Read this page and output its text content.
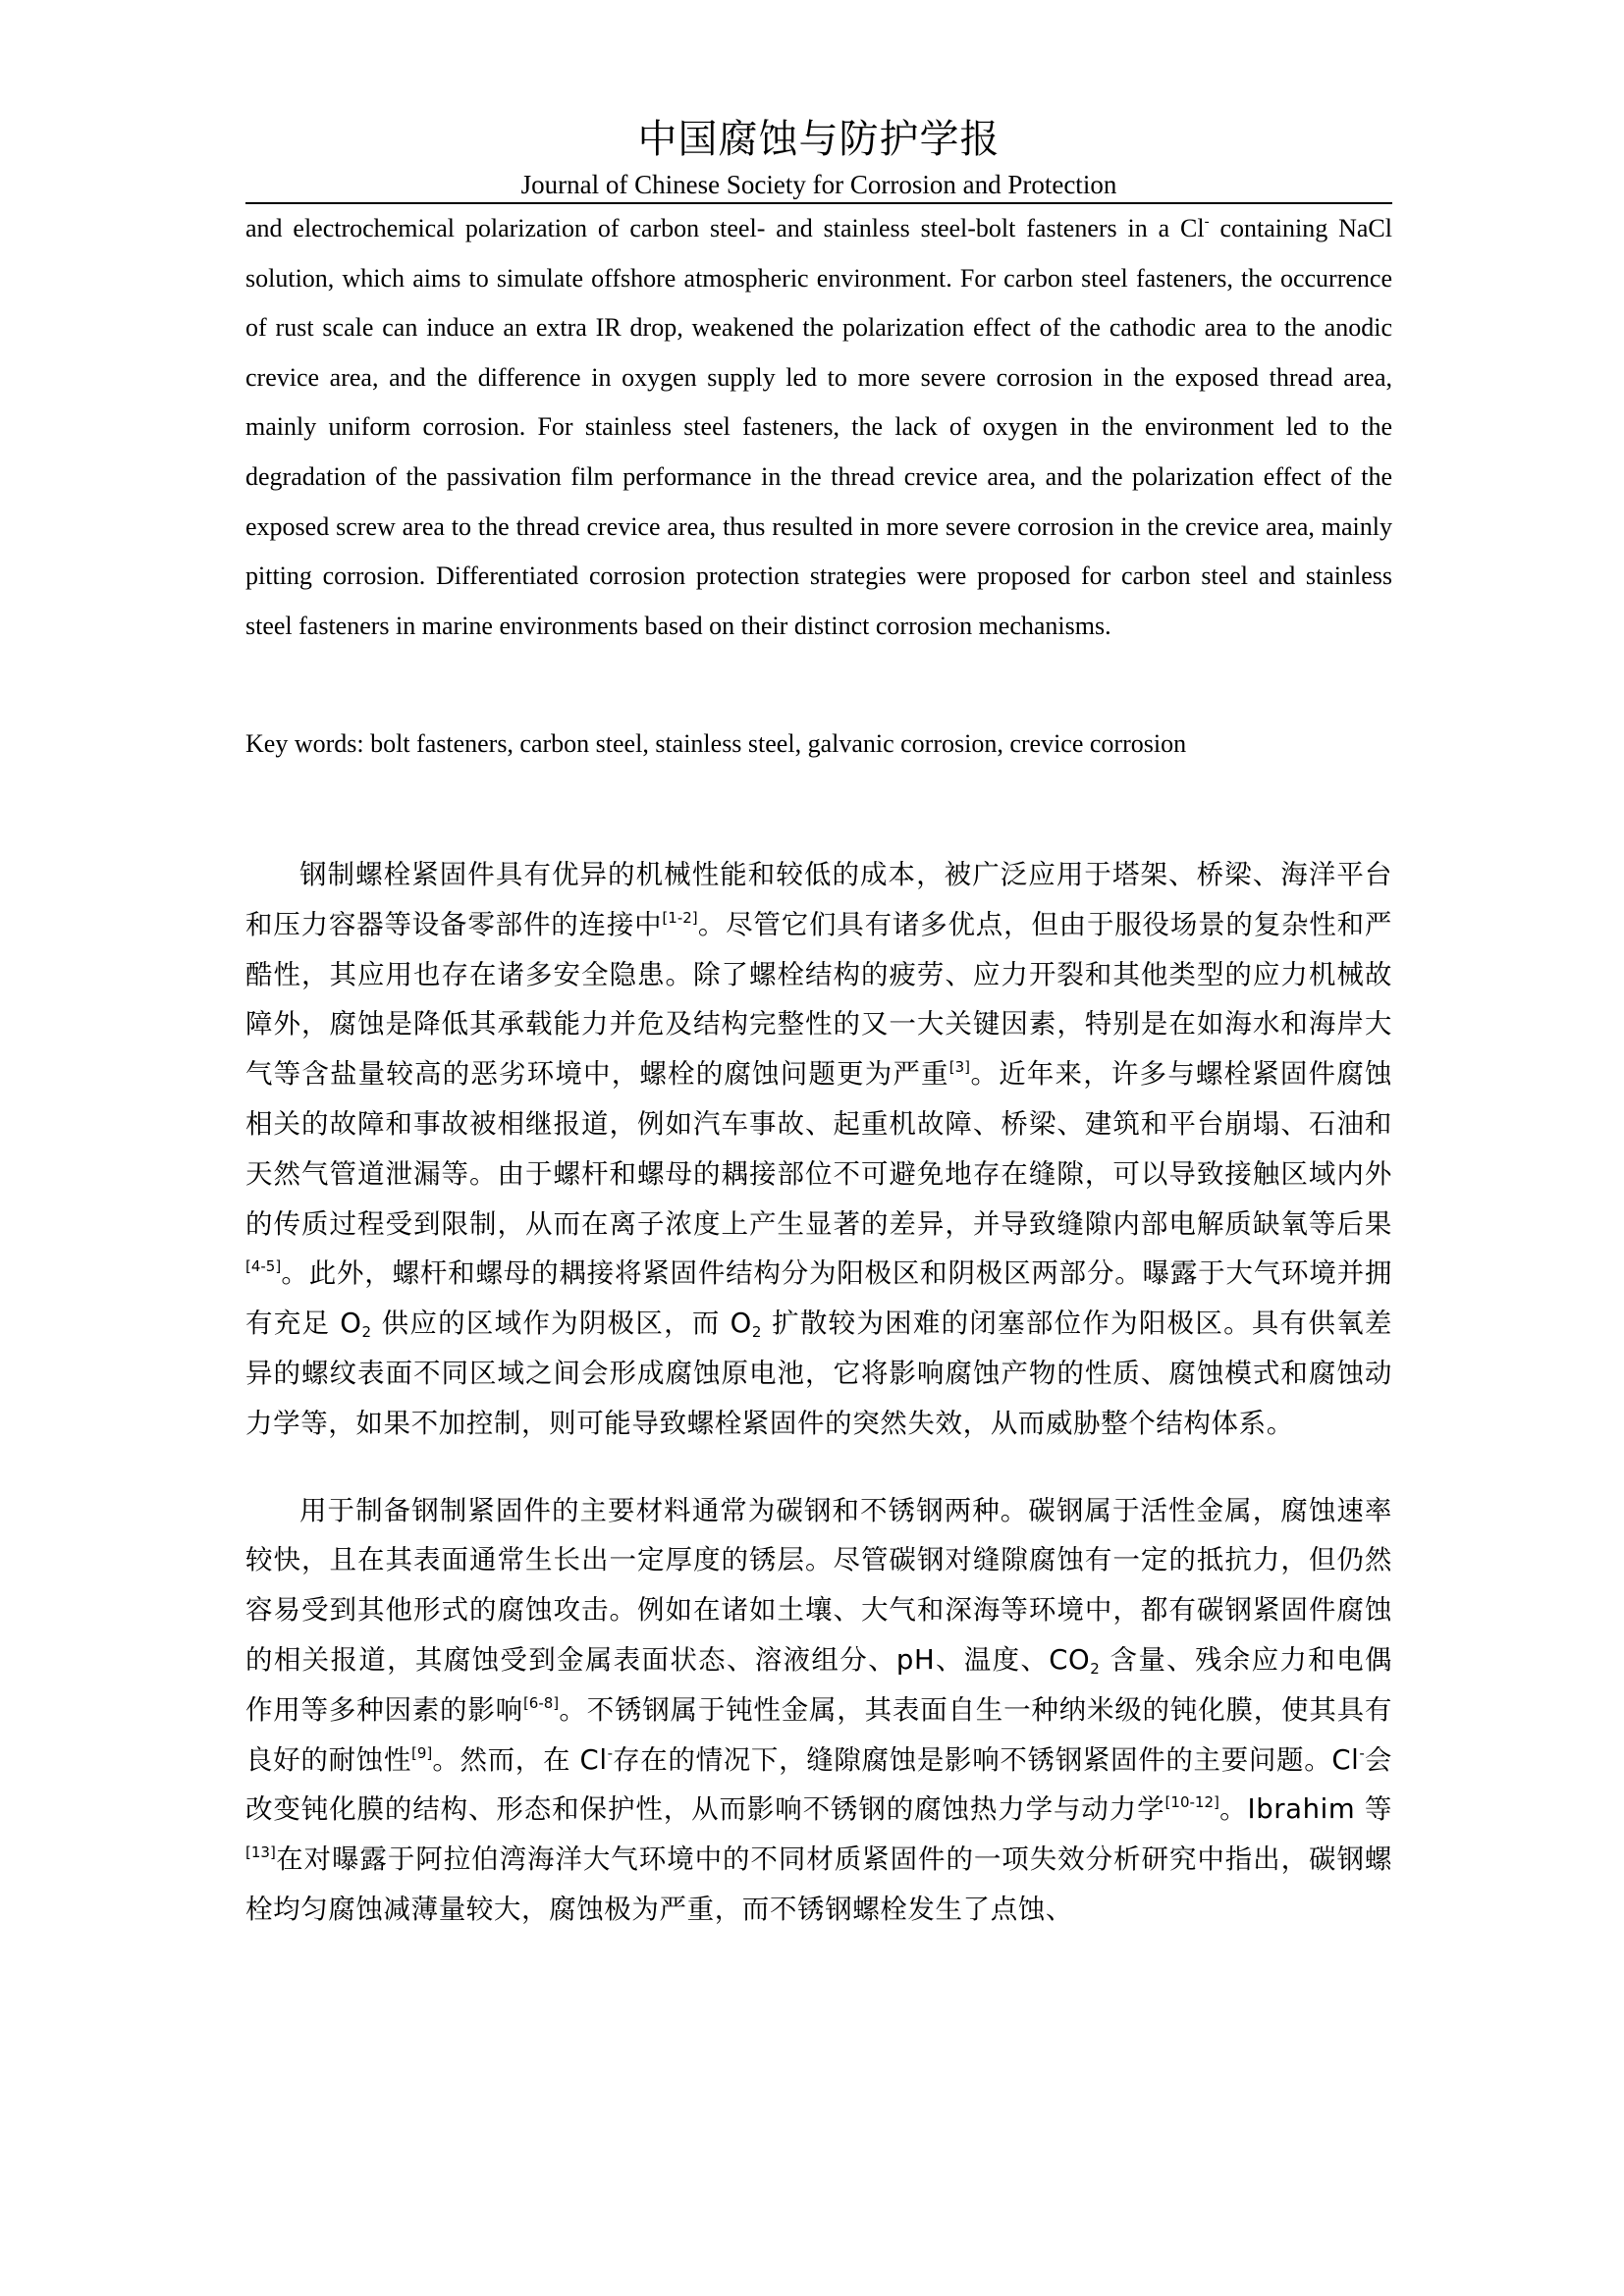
中国腐蚀与防护学报
Journal of Chinese Society for Corrosion and Protection

and electrochemical polarization of carbon steel- and stainless steel-bolt fasteners in a Cl- containing NaCl solution, which aims to simulate offshore atmospheric environment. For carbon steel fasteners, the occurrence of rust scale can induce an extra IR drop, weakened the polarization effect of the cathodic area to the anodic crevice area, and the difference in oxygen supply led to more severe corrosion in the exposed thread area, mainly uniform corrosion. For stainless steel fasteners, the lack of oxygen in the environment led to the degradation of the passivation film performance in the thread crevice area, and the polarization effect of the exposed screw area to the thread crevice area, thus resulted in more severe corrosion in the crevice area, mainly pitting corrosion. Differentiated corrosion protection strategies were proposed for carbon steel and stainless steel fasteners in marine environments based on their distinct corrosion mechanisms.

Key words: bolt fasteners, carbon steel, stainless steel, galvanic corrosion, crevice corrosion

钢制螺栓紧固件具有优异的机械性能和较低的成本，被广泛应用于塔架、桥梁、海洋平台和压力容器等设备零部件的连接中[1-2]。尽管它们具有诸多优点，但由于服役场景的复杂性和严酷性，其应用也存在诸多安全隐患。除了螺栓结构的疲劳、应力开裂和其他类型的应力机械故障外，腐蚀是降低其承载能力并危及结构完整性的又一大关键因素，特别是在如海水和海岸大气等含盐量较高的恶劣环境中，螺栓的腐蚀问题更为严重[3]。近年来，许多与螺栓紧固件腐蚀相关的故障和事故被相继报道，例如汽车事故、起重机故障、桥梁、建筑和平台崩塌、石油和天然气管道泄漏等。由于螺杆和螺母的耦接部位不可避免地存在缝隙，可以导致接触区域内外的传质过程受到限制，从而在离子浓度上产生显著的差异，并导致缝隙内部电解质缺氧等后果[4-5]。此外，螺杆和螺母的耦接将紧固件结构分为阳极区和阴极区两部分。曝露于大气环境并拥有充足 $O_2$ 供应的区域作为阴极区，而 $O_2$ 扩散较为困难的闭塞部位作为阳极区。具有供氧差异的螺纹表面不同区域之间会形成腐蚀原电池，它将影响腐蚀产物的性质、腐蚀模式和腐蚀动力学等，如果不加控制，则可能导致螺栓紧固件的突然失效，从而威胁整个结构体系。

用于制备钢制紧固件的主要材料通常为碳钢和不锈钢两种。碳钢属于活性金属，腐蚀速率较快，且在其表面通常生长出一定厚度的锈层。尽管碳钢对缝隙腐蚀有一定的抵抗力，但仍然容易受到其他形式的腐蚀攻击。例如在诸如土壤、大气和深海等环境中，都有碳钢紧固件腐蚀的相关报道，其腐蚀受到金属表面状态、溶液组分、pH、温度、$CO_2$ 含量、残余应力和电偶作用等多种因素的影响[6-8]。不锈钢属于钝性金属，其表面自生一种纳米级的钝化膜，使其具有良好的耐蚀性[9]。然而，在 Cl-存在的情况下，缝隙腐蚀是影响不锈钢紧固件的主要问题。Cl-会改变钝化膜的结构、形态和保护性，从而影响不锈钢的腐蚀热力学与动力学[10-12]。Ibrahim 等[13]在对曝露于阿拉伯湾海洋大气环境中的不同材质紧固件的一项失效分析研究中指出，碳钢螺栓均匀腐蚀减薄量较大，腐蚀极为严重，而不锈钢螺栓发生了点蚀、
